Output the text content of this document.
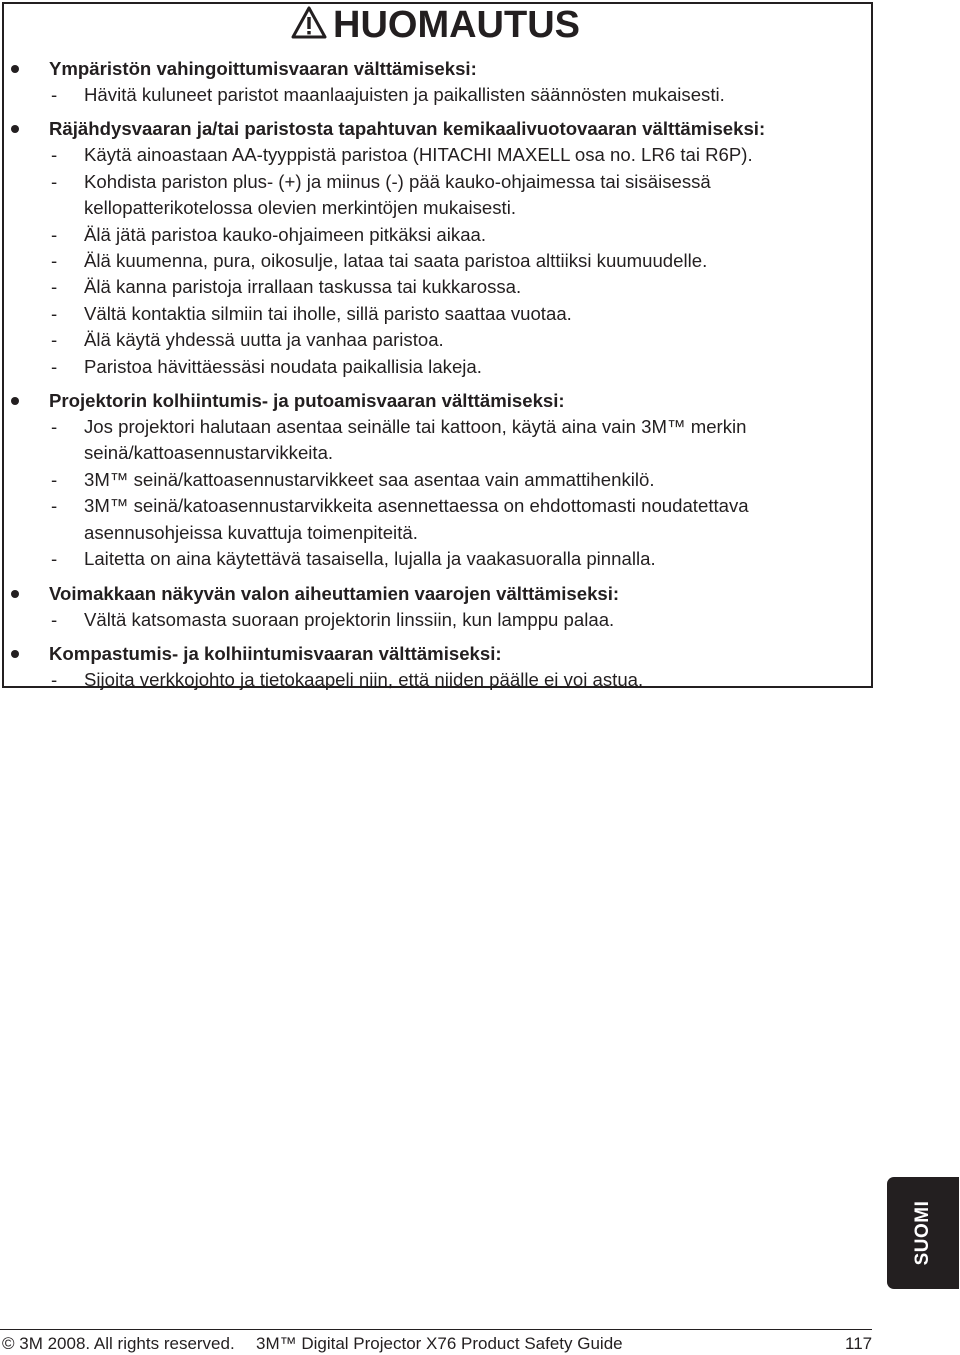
HUOMAUTUS
Ympäristön vahingoittumisvaaran välttämiseksi:
- Hävitä kuluneet paristot maanlaajuisten ja paikallisten säännösten mukaisesti.
Räjähdysvaaran ja/tai paristosta tapahtuvan kemikaalivuotovaaran välttämiseksi:
- Käytä ainoastaan AA-tyyppistä paristoa (HITACHI MAXELL osa no. LR6 tai R6P).
- Kohdista pariston plus- (+) ja miinus (-) pää kauko-ohjaimessa tai sisäisessä
kellopatterikotelossa olevien merkintöjen mukaisesti.
- Älä jätä paristoa kauko-ohjaimeen pitkäksi aikaa.
- Älä kuumenna, pura, oikosulje, lataa tai saata paristoa alttiiksi kuumuudelle.
- Älä kanna paristoja irrallaan taskussa tai kukkarossa.
- Vältä kontaktia silmiin tai iholle, sillä paristo saattaa vuotaa.
- Älä käytä yhdessä uutta ja vanhaa paristoa.
- Paristoa hävittäessäsi noudata paikallisia lakeja.
Projektorin kolhiintumis- ja putoamisvaaran välttämiseksi:
- Jos projektori halutaan asentaa seinälle tai kattoon, käytä aina vain 3M™ merkin
seinä/kattoasennustarvikkeita.
- 3M™ seinä/kattoasennustarvikkeet saa asentaa vain ammattihenkilö.
- 3M™ seinä/katoasennustarvikkeita asennettaessa on ehdottomasti noudatettava
asennusohjeissa kuvattuja toimenpiteitä.
- Laitetta on aina käytettävä tasaisella, lujalla ja vaakasuoralla pinnalla.
Voimakkaan näkyvän valon aiheuttamien vaarojen välttämiseksi:
- Vältä katsomasta suoraan projektorin linssiin, kun lamppu palaa.
Kompastumis- ja kolhiintumisvaaran välttämiseksi:
- Sijoita verkkojohto ja tietokaapeli niin, että niiden päälle ei voi astua.
SUOMI
© 3M 2008. All rights reserved. 3M™ Digital Projector X76 Product Safety Guide	117
